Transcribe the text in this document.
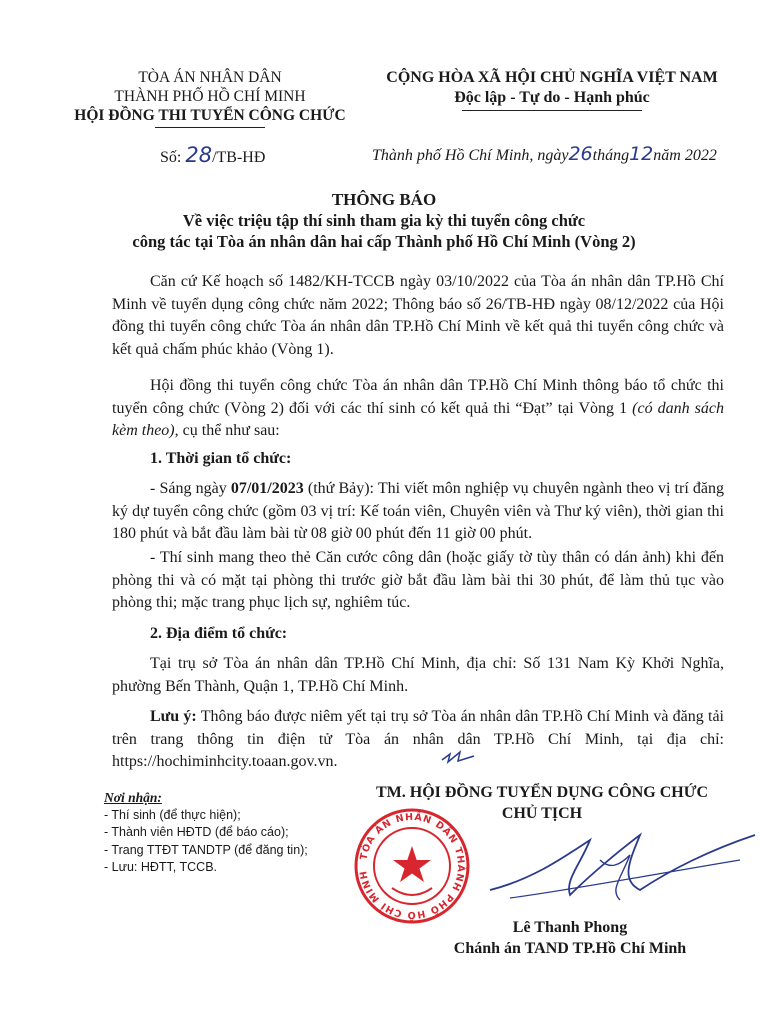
TÒA ÁN NHÂN DÂN
THÀNH PHỐ HỒ CHÍ MINH
HỘI ĐỒNG THI TUYỂN CÔNG CHỨC
CỘNG HÒA XÃ HỘI CHỦ NGHĨA VIỆT NAM
Độc lập - Tự do - Hạnh phúc
Số: 28/TB-HĐ	Thành phố Hồ Chí Minh, ngày26tháng12năm 2022
THÔNG BÁO
Về việc triệu tập thí sinh tham gia kỳ thi tuyển công chức
công tác tại Tòa án nhân dân hai cấp Thành phố Hồ Chí Minh (Vòng 2)
Căn cứ Kế hoạch số 1482/KH-TCCB ngày 03/10/2022 của Tòa án nhân dân TP.Hồ Chí Minh về tuyển dụng công chức năm 2022; Thông báo số 26/TB-HĐ ngày 08/12/2022 của Hội đồng thi tuyển công chức Tòa án nhân dân TP.Hồ Chí Minh về kết quả thi tuyển công chức và kết quả chấm phúc khảo (Vòng 1).
Hội đồng thi tuyển công chức Tòa án nhân dân TP.Hồ Chí Minh thông báo tổ chức thi tuyển công chức (Vòng 2) đối với các thí sinh có kết quả thi “Đạt” tại Vòng 1 (có danh sách kèm theo), cụ thể như sau:
1. Thời gian tổ chức:
- Sáng ngày 07/01/2023 (thứ Bảy): Thi viết môn nghiệp vụ chuyên ngành theo vị trí đăng ký dự tuyển công chức (gồm 03 vị trí: Kế toán viên, Chuyên viên và Thư ký viên), thời gian thi 180 phút và bắt đầu làm bài từ 08 giờ 00 phút đến 11 giờ 00 phút.
- Thí sinh mang theo thẻ Căn cước công dân (hoặc giấy tờ tùy thân có dán ảnh) khi đến phòng thi và có mặt tại phòng thi trước giờ bắt đầu làm bài thi 30 phút, để làm thủ tục vào phòng thi; mặc trang phục lịch sự, nghiêm túc.
2. Địa điểm tổ chức:
Tại trụ sở Tòa án nhân dân TP.Hồ Chí Minh, địa chỉ: Số 131 Nam Kỳ Khởi Nghĩa, phường Bến Thành, Quận 1, TP.Hồ Chí Minh.
Lưu ý: Thông báo được niêm yết tại trụ sở Tòa án nhân dân TP.Hồ Chí Minh và đăng tải trên trang thông tin điện tử Tòa án nhân dân TP.Hồ Chí Minh, tại địa chỉ: https://hochiminhcity.toaan.gov.vn.
Nơi nhận:
- Thí sinh (để thực hiện);
- Thành viên HĐTD (để báo cáo);
- Trang TTĐT TANDTP (để đăng tin);
- Lưu: HĐTT, TCCB.
TM. HỘI ĐỒNG TUYỂN DỤNG CÔNG CHỨC
CHỦ TỊCH
TÒA ÁN NHÂN DÂN THÀNH PHỐ HỒ CHÍ MINH
Lê Thanh Phong
Chánh án TAND TP.Hồ Chí Minh
